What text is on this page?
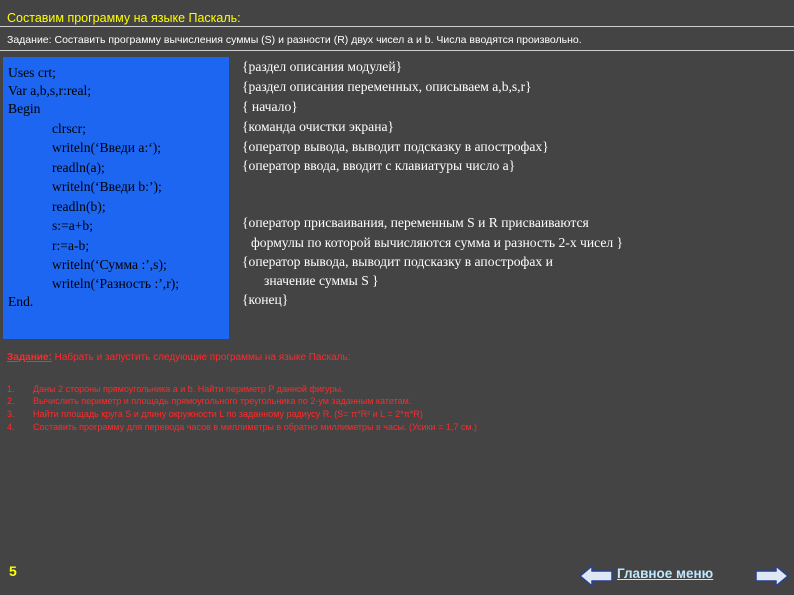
Составим программу на языке Паскаль:
Задание: Составить программу вычисления суммы (S) и разности (R) двух чисел a и b. Числа вводятся произвольно.
Uses crt;
Var a,b,s,r:real;
Begin
clrscr;
writeln(‘Введи а:‘);
readln(a);
writeln(‘Введи b:’);
readln(b);
s:=a+b;
r:=a-b;
writeln(‘Сумма :’,s);
writeln(‘Разность :’,r);
End.
{раздел описания модулей}
{раздел описания переменных, описываем a,b,s,r}
{ начало}
{команда очистки экрана}
{оператор вывода, выводит подсказку в апострофах}
{оператор ввода, вводит с клавиатуры число а}
{оператор присваивания, переменным S и R присваиваются
формулы по которой вычисляются сумма и разность 2-х чисел }
{оператор вывода, выводит подсказку в апострофах и
значение суммы S }
{конец}
Задание: Набрать и запустить следующие программы на языке Паскаль:
1. Даны 2 стороны прямоугольника a и b. Найти периметр P данной фигуры.
2. Вычислить периметр и площадь прямоугольного треугольника по 2-ум заданным катетам.
3. Найти площадь круга S и длину окружности L по заданному радиусу R. (S= π*R² и L = 2*π*R)
4. Составить программу для перевода часов в миллиметры в обратно миллиметры в часы. (Усики = 1,7 см.)
5	Главное меню
